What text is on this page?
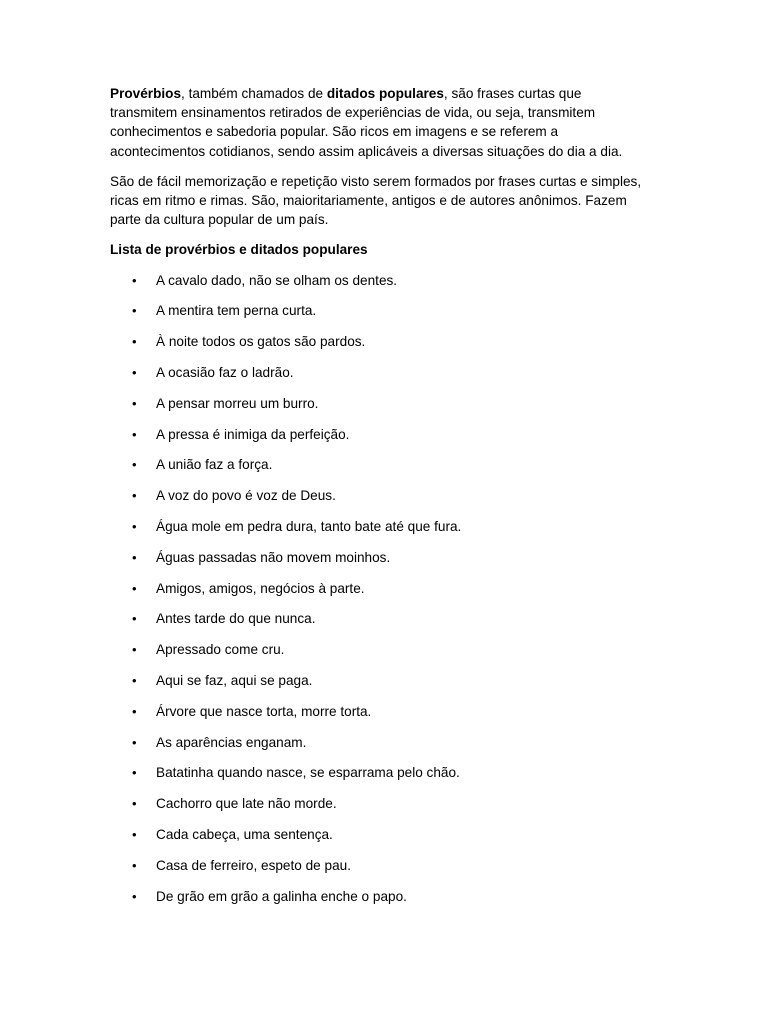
Provérbios, também chamados de ditados populares, são frases curtas que transmitem ensinamentos retirados de experiências de vida, ou seja, transmitem conhecimentos e sabedoria popular. São ricos em imagens e se referem a acontecimentos cotidianos, sendo assim aplicáveis a diversas situações do dia a dia.

São de fácil memorização e repetição visto serem formados por frases curtas e simples, ricas em ritmo e rimas. São, maioritariamente, antigos e de autores anônimos. Fazem parte da cultura popular de um país.

Lista de provérbios e ditados populares

• A cavalo dado, não se olham os dentes.
• A mentira tem perna curta.
• À noite todos os gatos são pardos.
• A ocasião faz o ladrão.
• A pensar morreu um burro.
• A pressa é inimiga da perfeição.
• A união faz a força.
• A voz do povo é voz de Deus.
• Água mole em pedra dura, tanto bate até que fura.
• Águas passadas não movem moinhos.
• Amigos, amigos, negócios à parte.
• Antes tarde do que nunca.
• Apressado come cru.
• Aqui se faz, aqui se paga.
• Árvore que nasce torta, morre torta.
• As aparências enganam.
• Batatinha quando nasce, se esparrama pelo chão.
• Cachorro que late não morde.
• Cada cabeça, uma sentença.
• Casa de ferreiro, espeto de pau.
• De grão em grão a galinha enche o papo.
